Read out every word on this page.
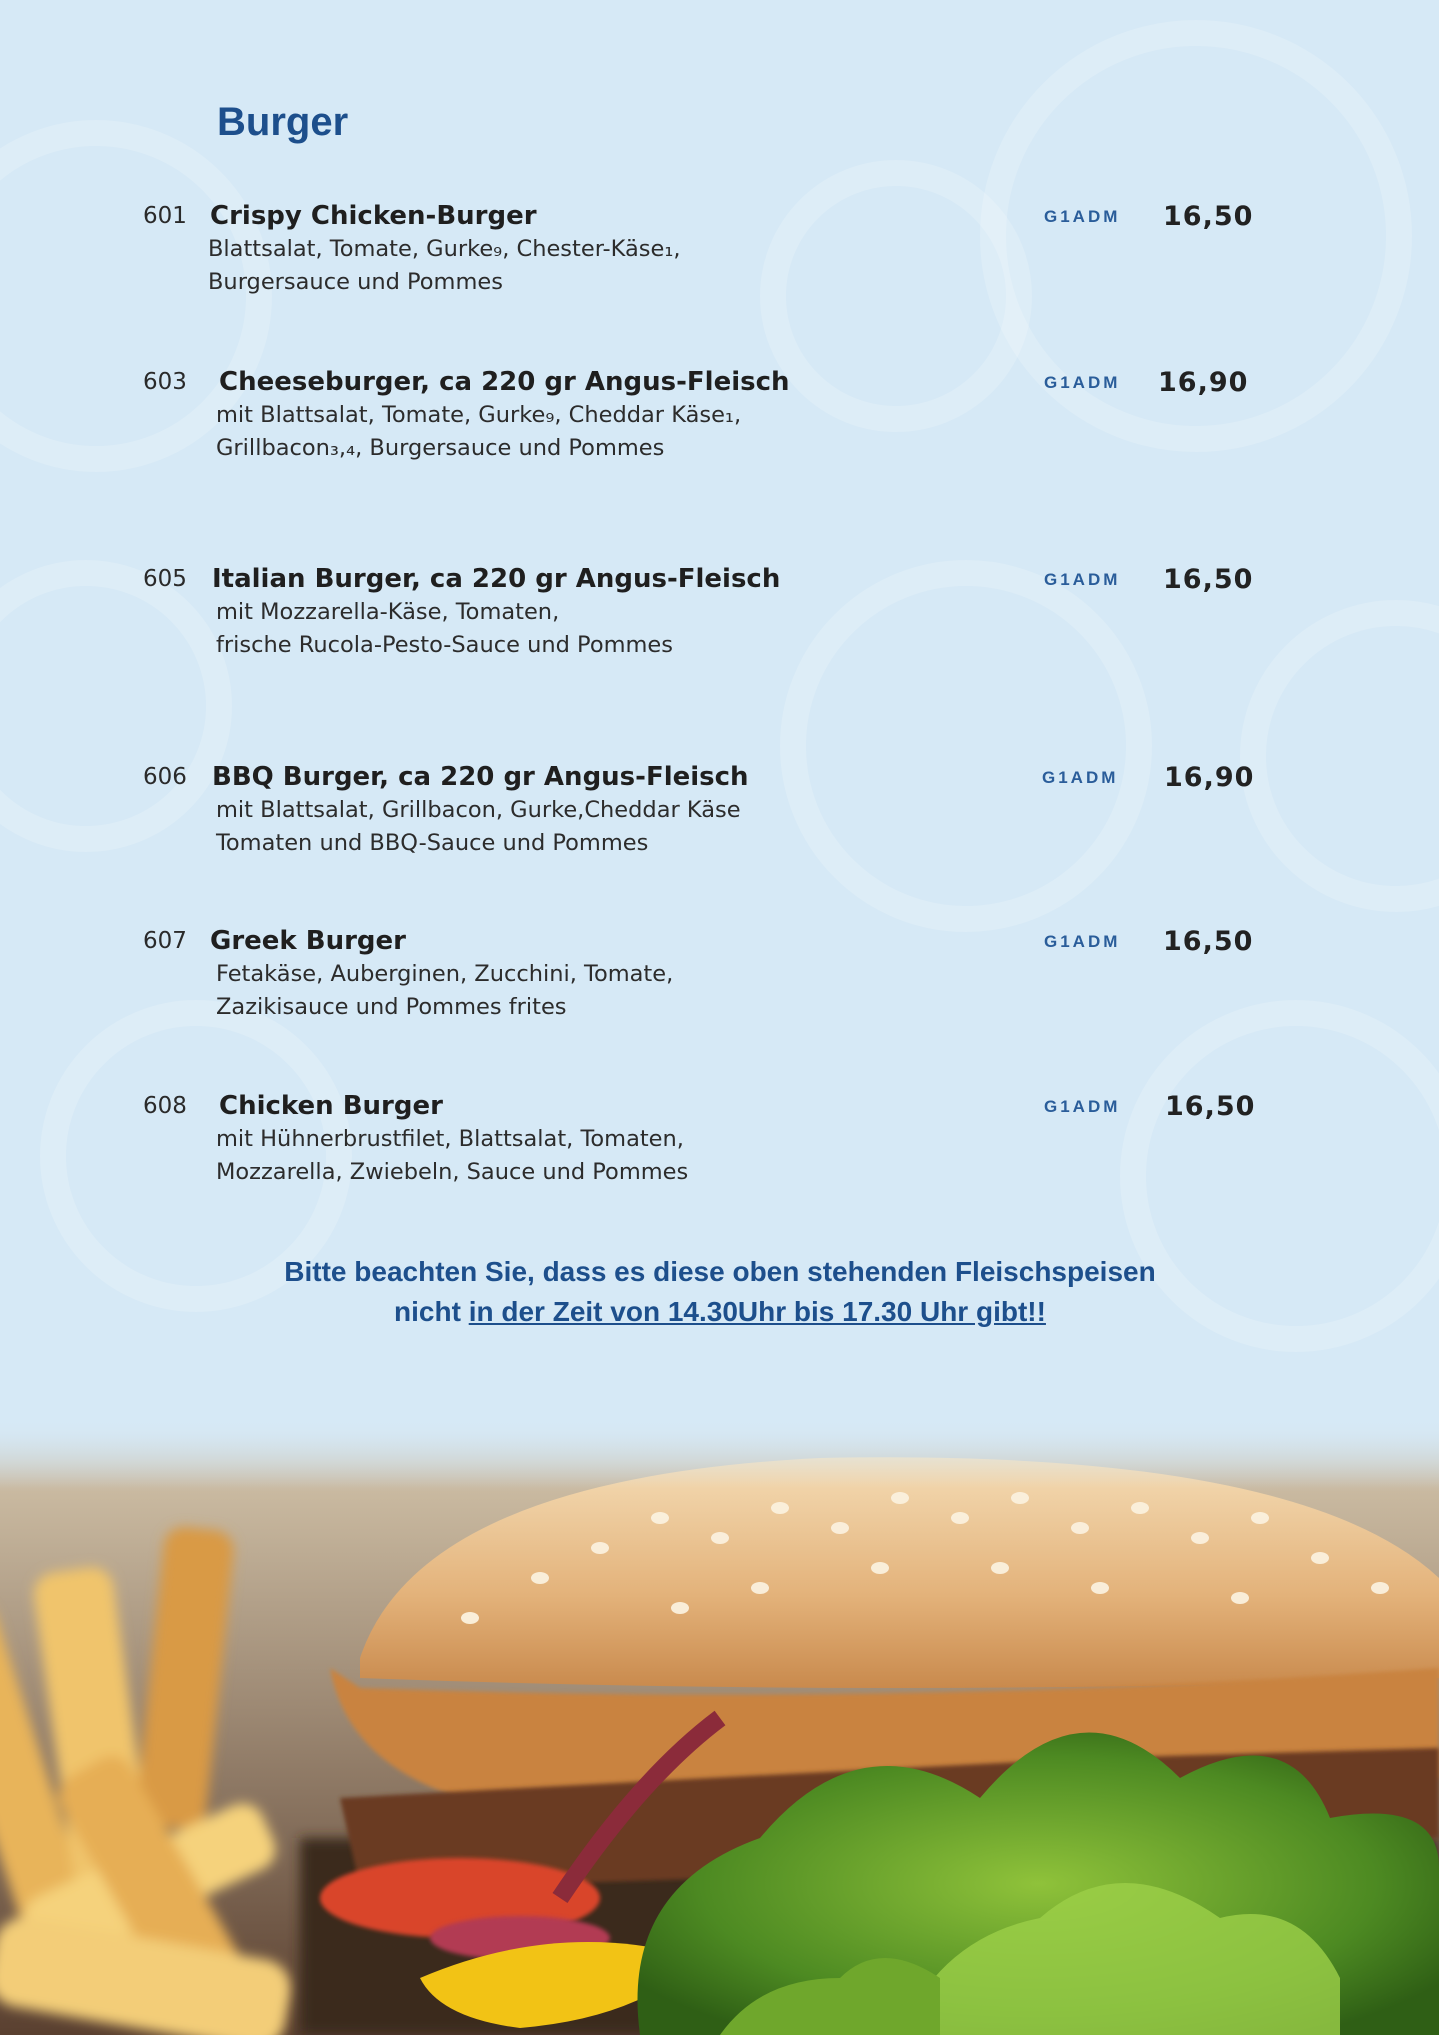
Burger
601 Crispy Chicken-Burger
Blattsalat, Tomate, Gurke₉, Chester-Käse₁,
Burgersauce und Pommes
G1ADM 16,50
603 Cheeseburger, ca 220 gr Angus-Fleisch
mit Blattsalat, Tomate, Gurke₉, Cheddar Käse₁,
Grillbacon₃,₄, Burgersauce und Pommes
G1ADM 16,90
605 Italian Burger, ca 220 gr Angus-Fleisch
mit Mozzarella-Käse, Tomaten,
frische Rucola-Pesto-Sauce und Pommes
G1ADM 16,50
606 BBQ Burger, ca 220 gr Angus-Fleisch
mit Blattsalat, Grillbacon, Gurke,Cheddar Käse
Tomaten und BBQ-Sauce und Pommes
G1ADM 16,90
607 Greek Burger
Fetakäse, Auberginen, Zucchini, Tomate,
Zazikisauce und Pommes frites
G1ADM 16,50
608 Chicken Burger
mit Hühnerbrustfilet, Blattsalat, Tomaten,
Mozzarella, Zwiebeln, Sauce und Pommes
G1ADM 16,50
Bitte beachten Sie, dass es diese oben stehenden Fleischspeisen
nicht in der Zeit von 14.30Uhr bis 17.30 Uhr gibt!!
